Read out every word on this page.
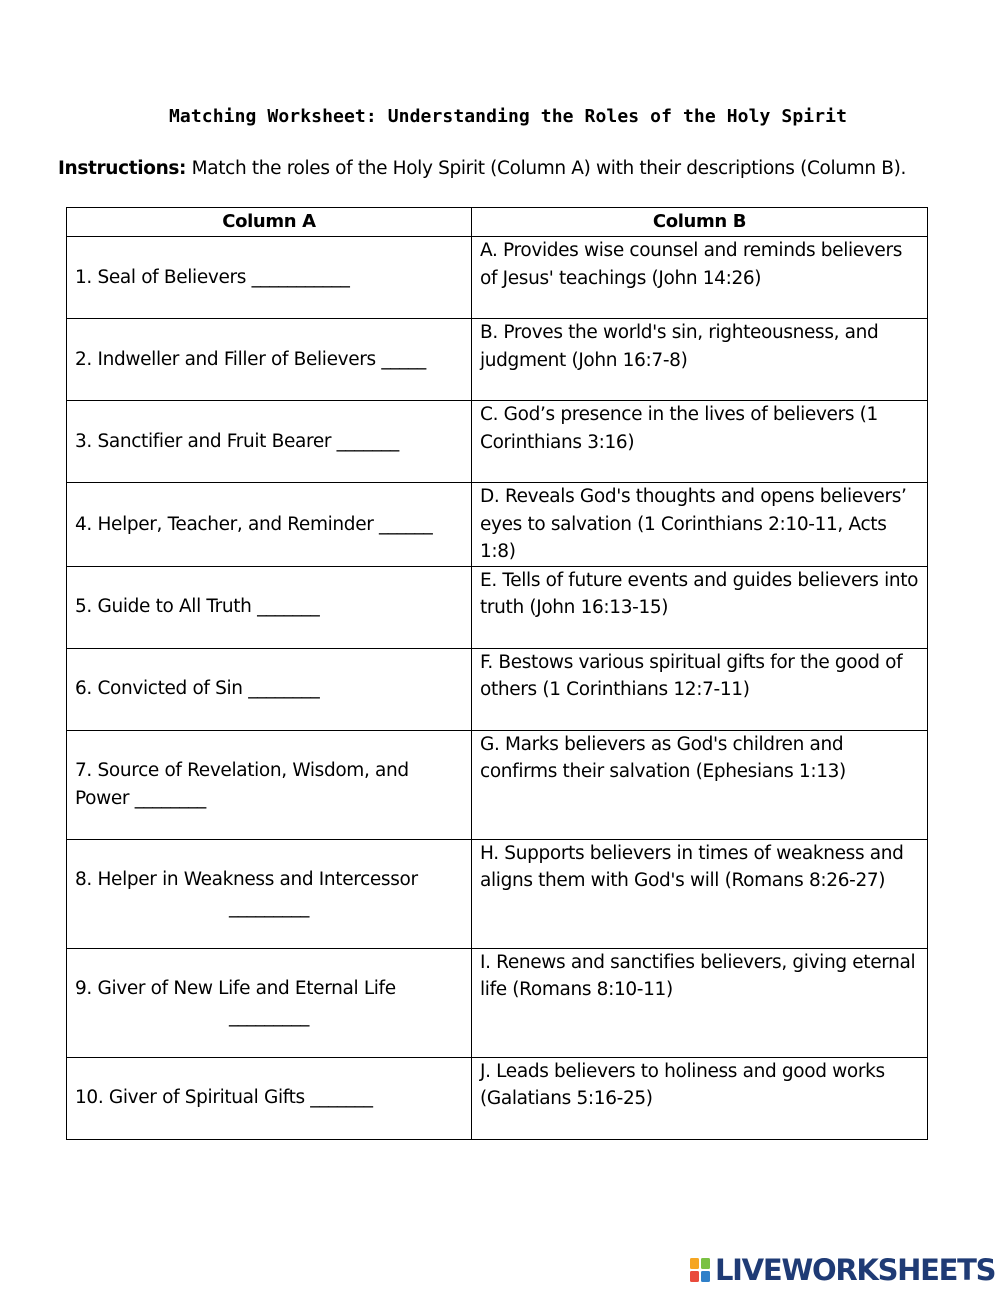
Matching Worksheet: Understanding the Roles of the Holy Spirit
Instructions: Match the roles of the Holy Spirit (Column A) with their descriptions (Column B).
Column A	Column B
1. Seal of Believers ___________	A. Provides wise counsel and reminds believers of Jesus' teachings (John 14:26)
2. Indweller and Filler of Believers _____	B. Proves the world's sin, righteousness, and judgment (John 16:7-8)
3. Sanctifier and Fruit Bearer _______	C. God’s presence in the lives of believers (1 Corinthians 3:16)
4. Helper, Teacher, and Reminder ______	D. Reveals God's thoughts and opens believers’ eyes to salvation (1 Corinthians 2:10-11, Acts 1:8)
5. Guide to All Truth _______	E. Tells of future events and guides believers into truth (John 16:13-15)
6. Convicted of Sin ________	F. Bestows various spiritual gifts for the good of others (1 Corinthians 12:7-11)
7. Source of Revelation, Wisdom, and Power ________	G. Marks believers as God's children and confirms their salvation (Ephesians 1:13)
8. Helper in Weakness and Intercessor
_________	H. Supports believers in times of weakness and aligns them with God's will (Romans 8:26-27)
9. Giver of New Life and Eternal Life
_________	I. Renews and sanctifies believers, giving eternal life (Romans 8:10-11)
10. Giver of Spiritual Gifts _______	J. Leads believers to holiness and good works (Galatians 5:16-25)
LIVEWORKSHEETS
